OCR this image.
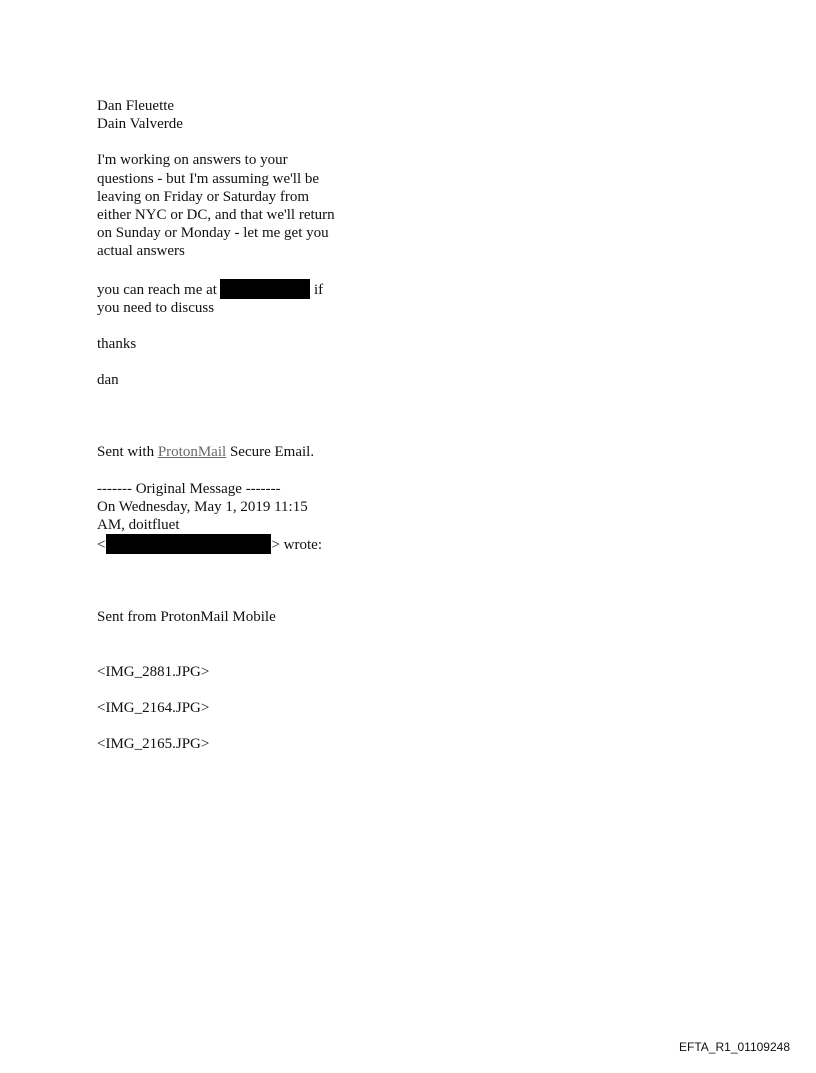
Dan Fleuette
Dain Valverde
I'm working on answers to your
questions - but I'm assuming we'll be
leaving on Friday or Saturday from
either NYC or DC, and that we'll return
on Sunday or Monday - let me get you
actual answers
you can reach me at	if
you need to discuss
thanks
dan
Sent with ProtonMail Secure Email.
------- Original Message -------
On Wednesday, May 1, 2019 11:15
AM, doitfluet
<	> wrote:
Sent from ProtonMail Mobile
<IMG_2881.JPG>
<IMG_2164.JPG>
<IMG_2165.JPG>
EFTA_R1_01109248
